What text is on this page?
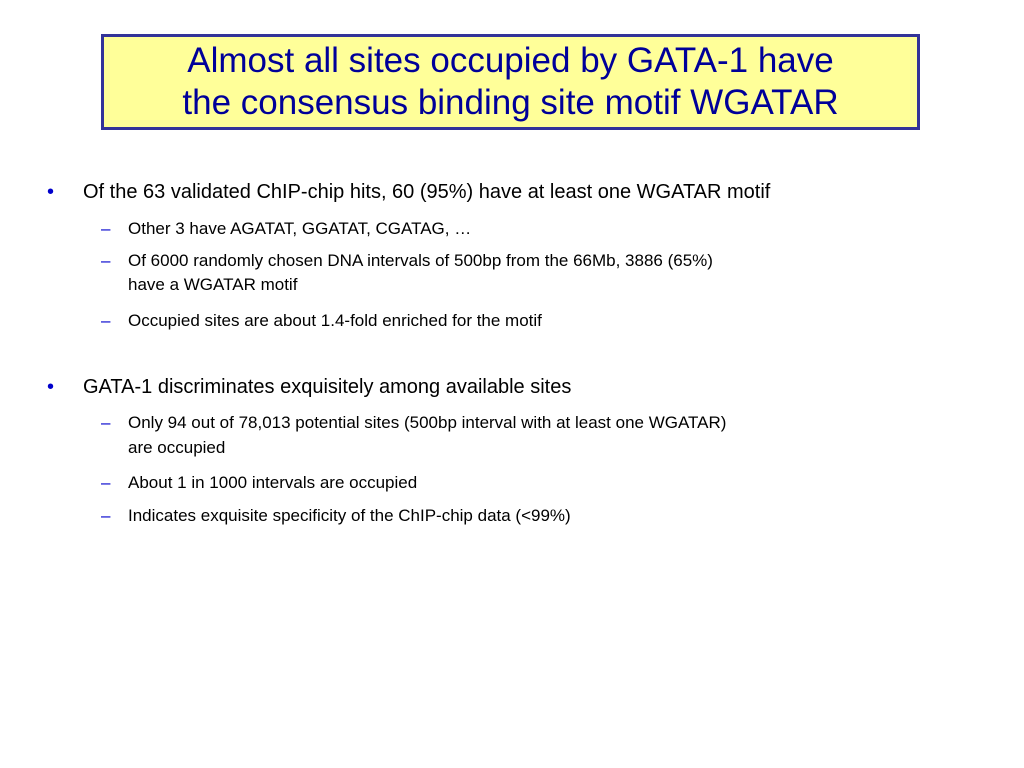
Almost all sites occupied by GATA-1 have
the consensus binding site motif WGATAR
• Of the 63 validated ChIP-chip hits, 60 (95%) have at least one WGATAR motif
– Other 3 have AGATAT, GGATAT, CGATAG, …
– Of 6000 randomly chosen DNA intervals of 500bp from the 66Mb, 3886 (65%)
have a WGATAR motif
– Occupied sites are about 1.4-fold enriched for the motif
• GATA-1 discriminates exquisitely among available sites
– Only 94 out of 78,013 potential sites (500bp interval with at least one WGATAR)
are occupied
– About 1 in 1000 intervals are occupied
– Indicates exquisite specificity of the ChIP-chip data (<99%)
